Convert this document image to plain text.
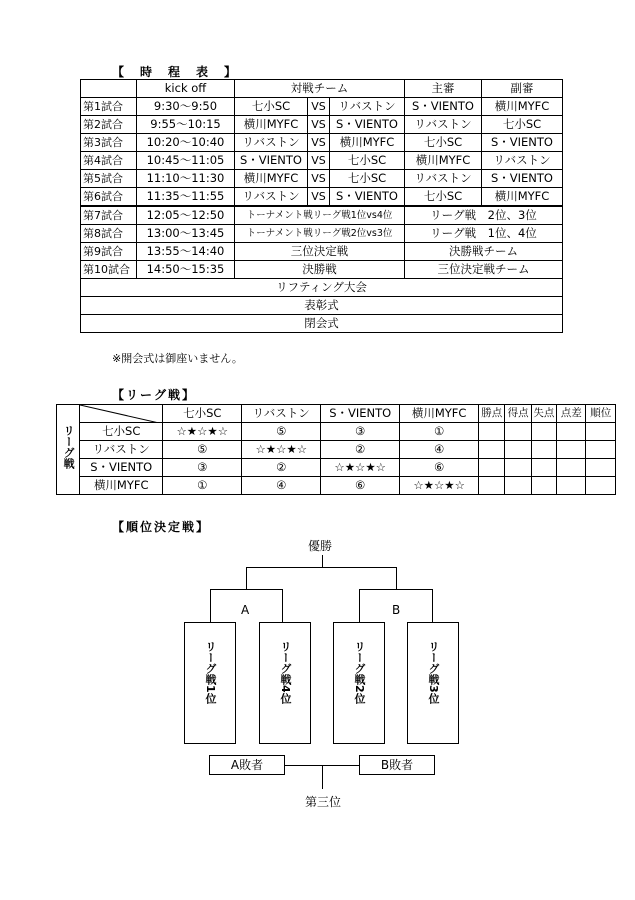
【　時　程　表　】
	kick off	対戦チーム			主審	副審
第1試合	9:30～9:50	七小SC	VS	リバストン	S・VIENTO	横川MYFC
第2試合	9:55～10:15	横川MYFC	VS	S・VIENTO	リバストン	七小SC
第3試合	10:20～10:40	リバストン	VS	横川MYFC	七小SC	S・VIENTO
第4試合	10:45～11:05	S・VIENTO	VS	七小SC	横川MYFC	リバストン
第5試合	11:10～11:30	横川MYFC	VS	七小SC	リバストン	S・VIENTO
第6試合	11:35～11:55	リバストン	VS	S・VIENTO	七小SC	横川MYFC
第7試合	12:05～12:50	トーナメント戦リーグ戦1位vs4位			リーグ戦　2位、3位	
第8試合	13:00～13:45	トーナメント戦リーグ戦2位vs3位			リーグ戦　1位、4位	
第9試合	13:55～14:40	三位決定戦			決勝戦チーム	
第10試合	14:50～15:35	決勝戦			三位決定戦チーム	
リフティング大会						
表彰式						
閉会式						
※開会式は御座いません。
【リーグ戦】
リーグ戦		七小SC	リバストン	S・VIENTO	横川MYFC	勝点	得点	失点	点差	順位
	七小SC	☆★☆★☆	⑤	③	①					
	リバストン	⑤	☆★☆★☆	②	④					
	S・VIENTO	③	②	☆★☆★☆	⑥					
	横川MYFC	①	④	⑥	☆★☆★☆					
【順位決定戦】
優勝
A	B
リーグ戦1位	リーグ戦4位	リーグ戦2位	リーグ戦3位
A敗者	B敗者
第三位
